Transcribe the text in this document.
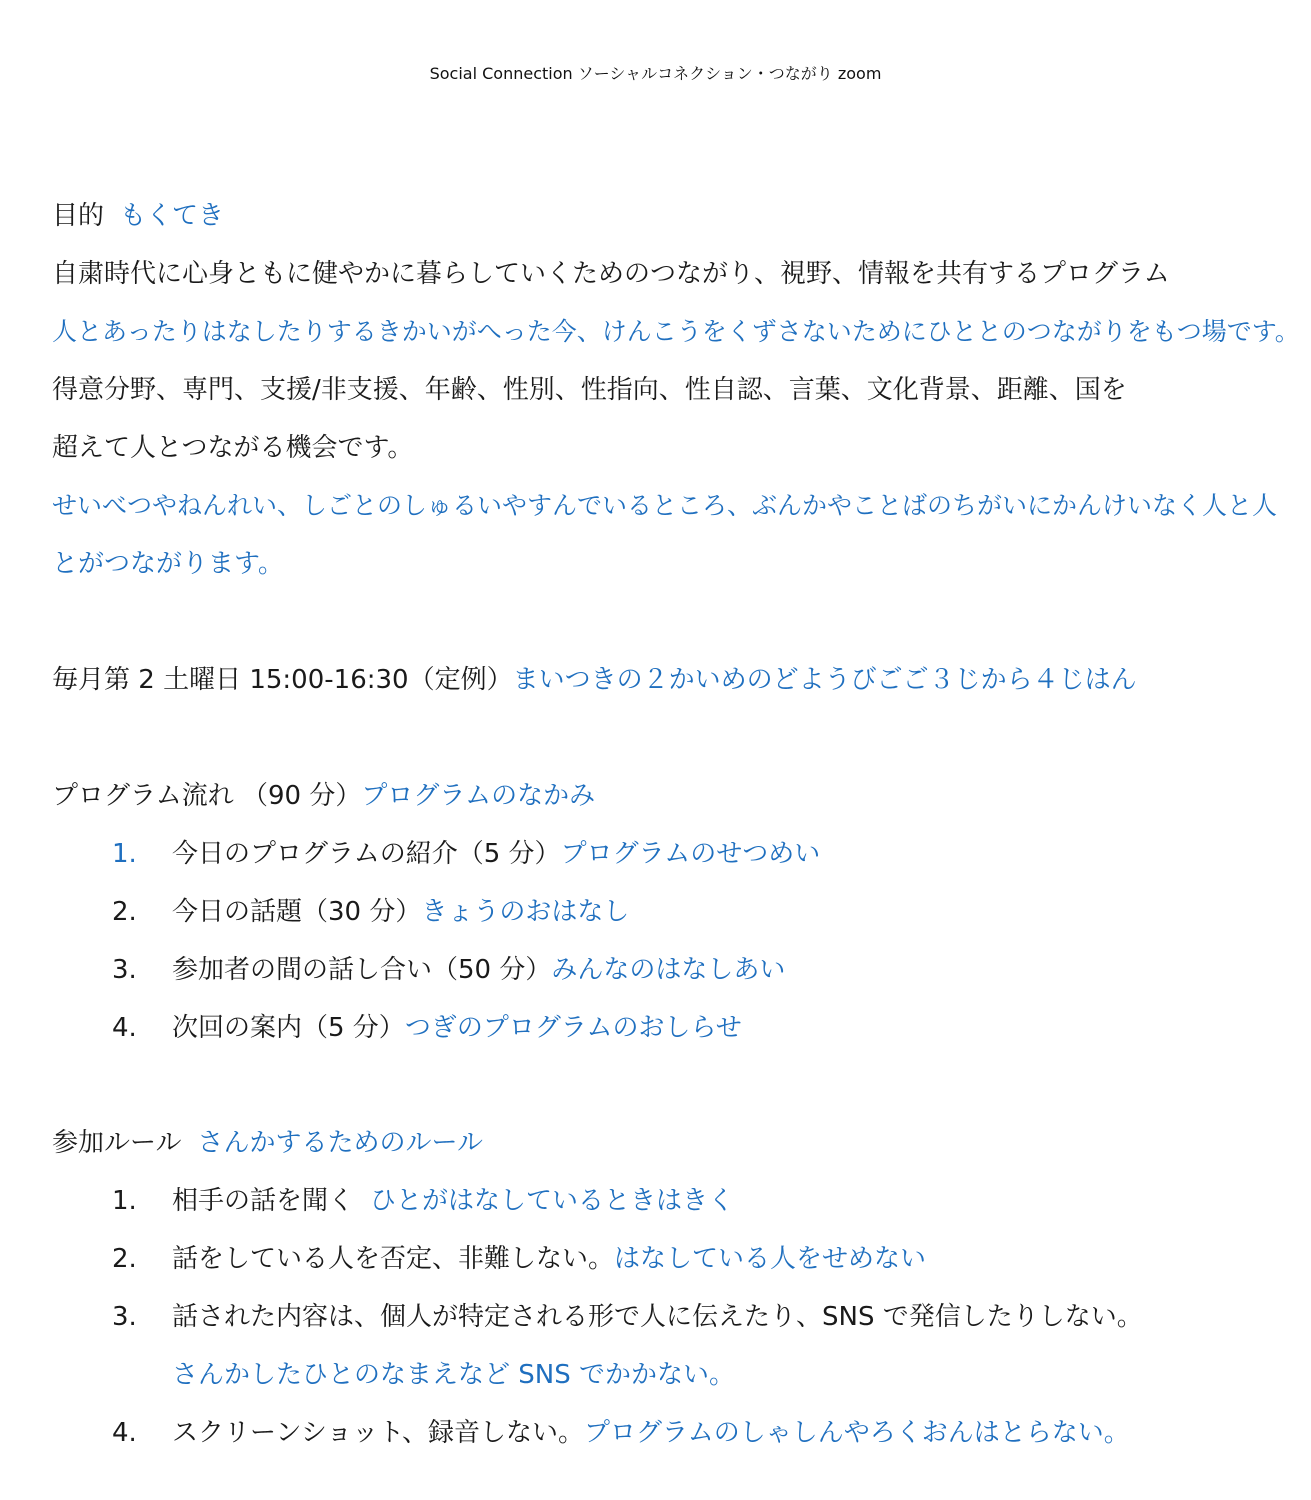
Social Connection ソーシャルコネクション・つながり zoom
目的 もくてき
自粛時代に心身ともに健やかに暮らしていくためのつながり、視野、情報を共有するプログラム
人とあったりはなしたりするきかいがへった今、けんこうをくずさないためにひととのつながりをもつ場です。
得意分野、専門、支援/非支援、年齢、性別、性指向、性自認、言葉、文化背景、距離、国を
超えて人とつながる機会です。
せいべつやねんれい、しごとのしゅるいやすんでいるところ、ぶんかやことばのちがいにかんけいなく人と人
とがつながります。
毎月第 2 土曜日 15:00-16:30（定例）まいつきの２かいめのどようびごご３じから４じはん
プログラム流れ （90 分）プログラムのなかみ
1. 今日のプログラムの紹介（5 分）プログラムのせつめい
2. 今日の話題（30 分）きょうのおはなし
3. 参加者の間の話し合い（50 分）みんなのはなしあい
4. 次回の案内（5 分）つぎのプログラムのおしらせ
参加ルール さんかするためのルール
1. 相手の話を聞く ひとがはなしているときはきく
2. 話をしている人を否定、非難しない。はなしている人をせめない
3. 話された内容は、個人が特定される形で人に伝えたり、SNS で発信したりしない。
さんかしたひとのなまえなど SNS でかかない。
4. スクリーンショット、録音しない。プログラムのしゃしんやろくおんはとらない。
